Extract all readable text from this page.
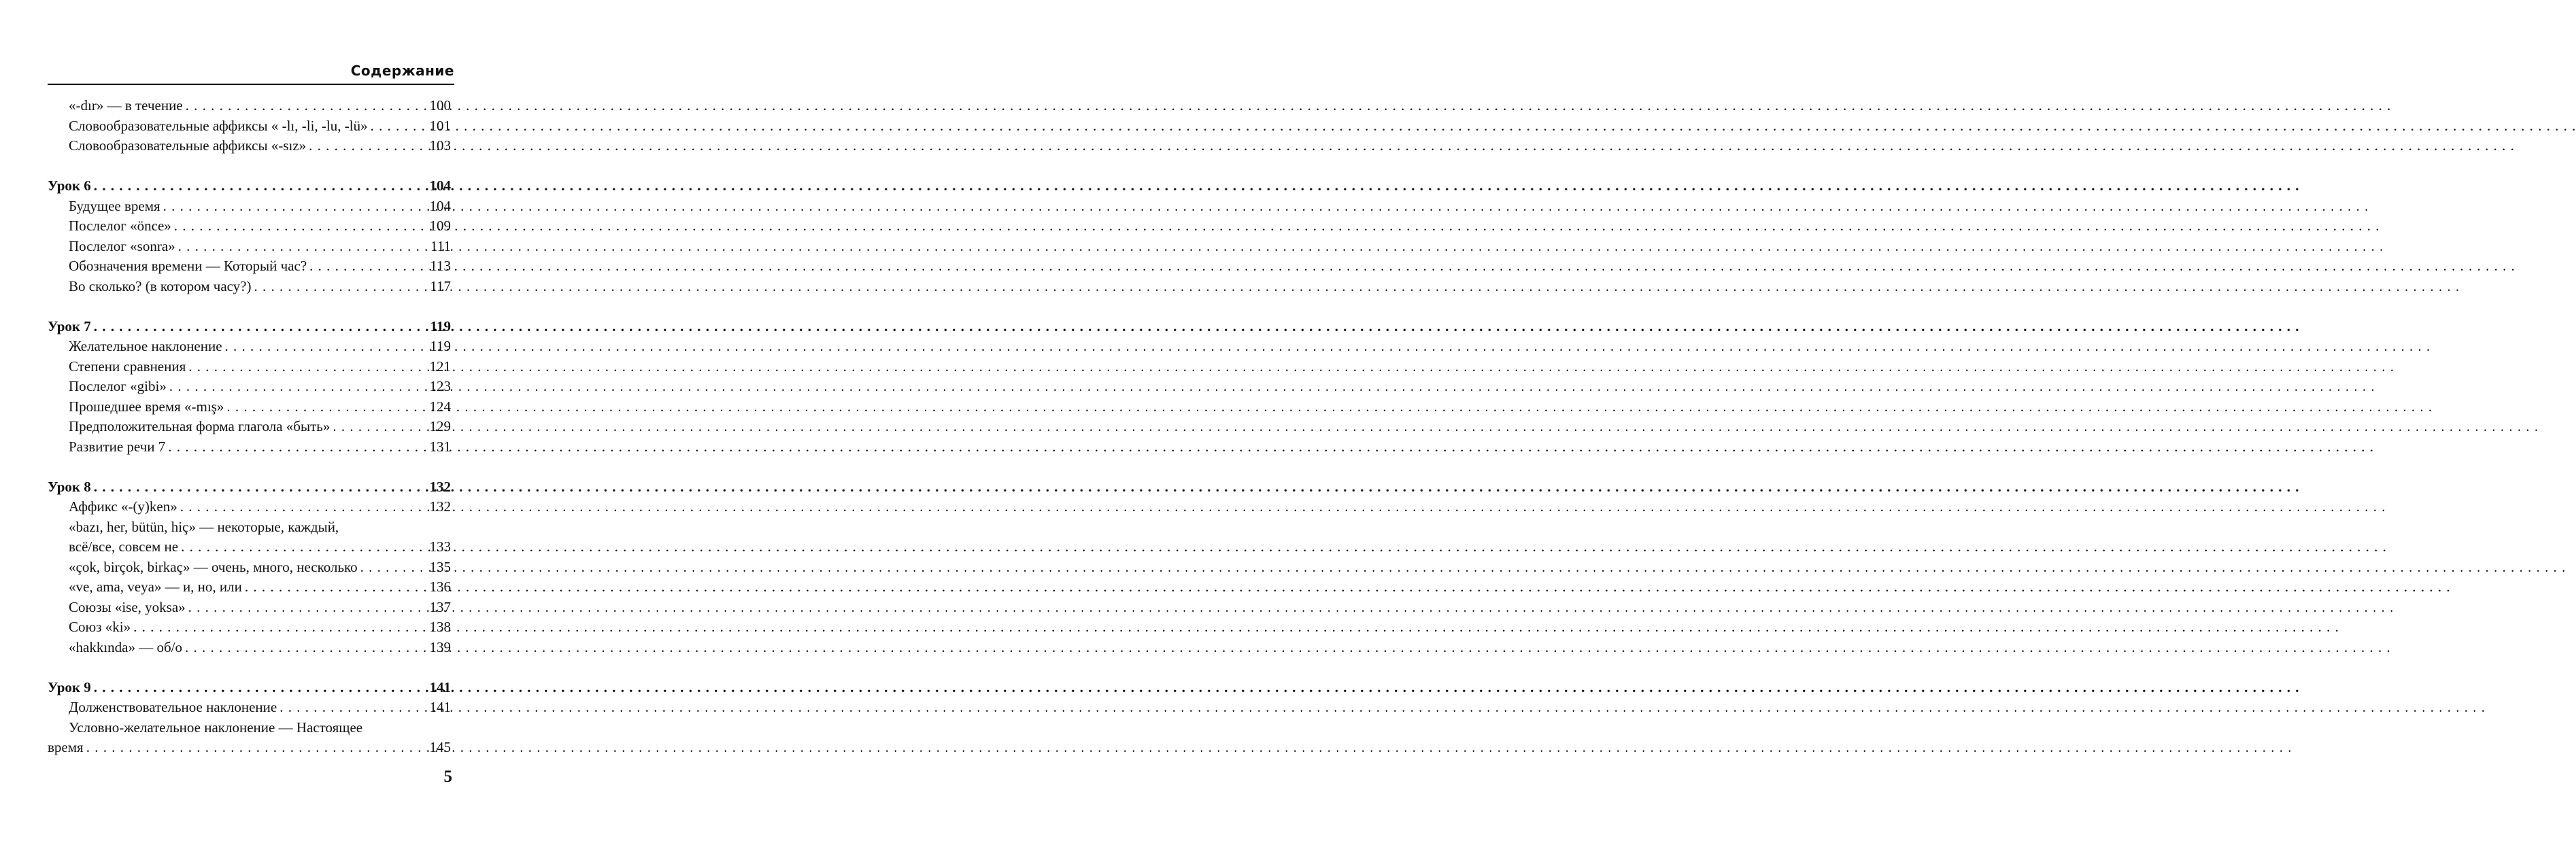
Содержание
«-dır» — в течение . . .	100
Словообразовательные аффиксы « -lı, -li, -lu, -lü» . . .	101
Словообразовательные аффиксы «-sız» . . .	103
Урок 6 . . .	104
Будущее время . . .	104
Послелог «önce» . . .	109
Послелог «sonra» . . .	111
Обозначения времени — Который час? . . .	113
Во сколько? (в котором часу?) . . .	117
Урок 7 . . .	119
Желательное наклонение . . .	119
Степени сравнения . . .	121
Послелог «gibi» . . .	123
Прошедшее время «-mış» . . .	124
Предположительная форма глагола «быть» . . .	129
Развитие речи 7 . . .	131
Урок 8 . . .	132
Аффикс «-(y)ken» . . .	132
«bazı, her, bütün, hiç» — некоторые, каждый,
всё/все, совсем не . . .	133
«çok, birçok, birkaç» — очень, много, несколько . . .	135
«ve, ama, veya» — и, но, или . . .	136
Союзы «ise, yoksa» . . .	137
Союз «ki» . . .	138
«hakkında» — об/о . . .	139
Урок 9 . . .	141
Долженствовательное наклонение . . .	141
Условно-желательное наклонение — Настоящее
время . . .	145
5
